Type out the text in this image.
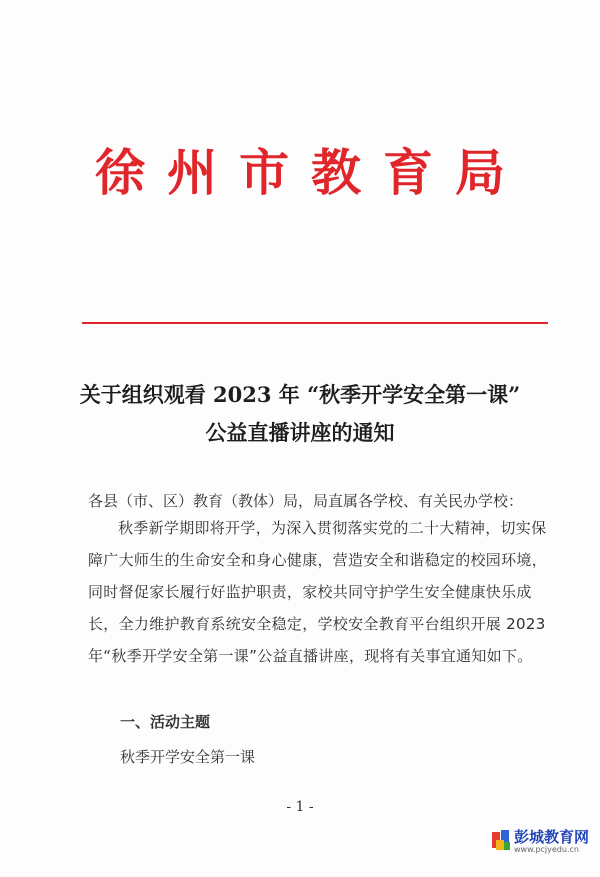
徐州市教育局
关于组织观看 2023 年 “秋季开学安全第一课”
公益直播讲座的通知
各县（市、区）教育（教体）局，局直属各学校、有关民办学校：
秋季新学期即将开学，为深入贯彻落实党的二十大精神，切实保障广大师生的生命安全和身心健康，营造安全和谐稳定的校园环境，同时督促家长履行好监护职责，家校共同守护学生安全健康快乐成长，全力维护教育系统安全稳定，学校安全教育平台组织开展 2023 年“秋季开学安全第一课”公益直播讲座，现将有关事宜通知如下。
一、活动主题
秋季开学安全第一课
- 1 -
彭城教育网
www.pcjyedu.cn
